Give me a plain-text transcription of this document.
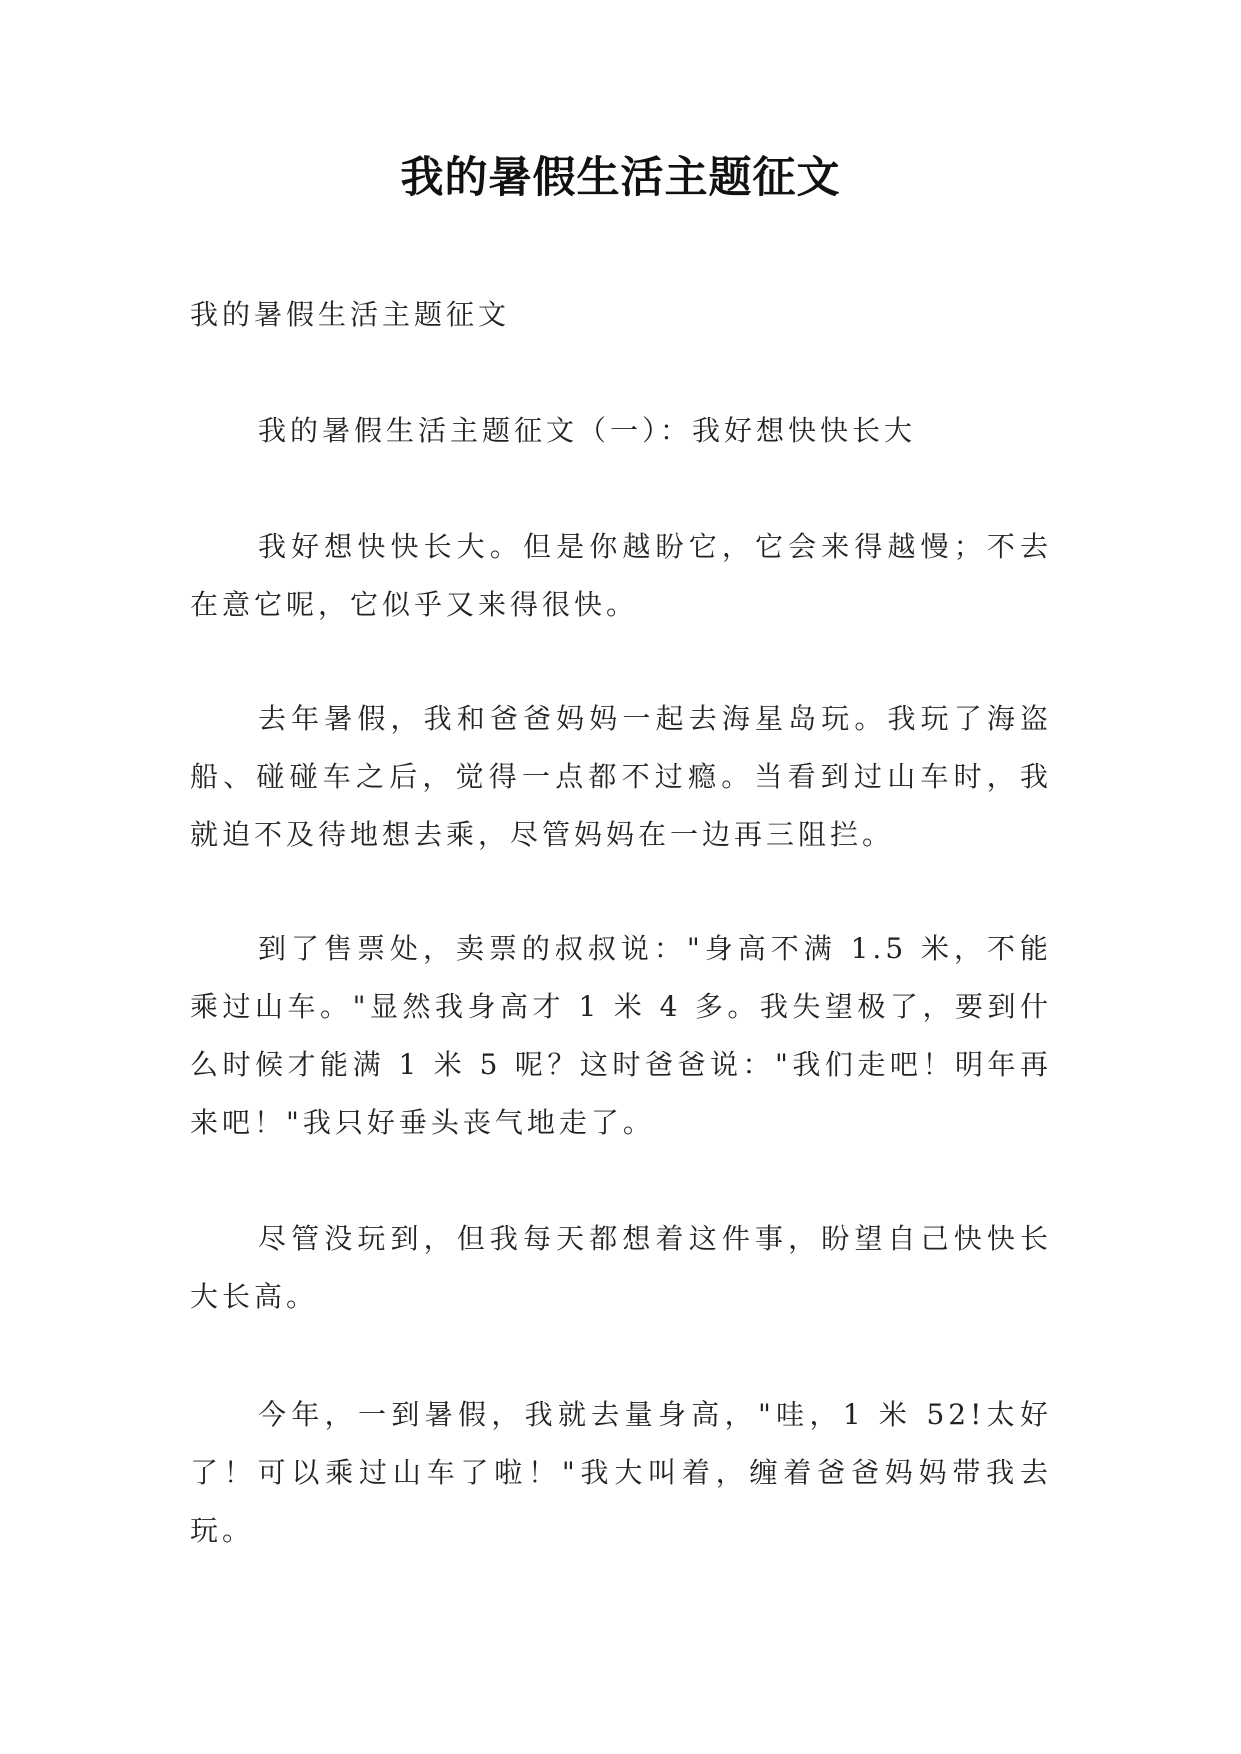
我的暑假生活主题征文
我的暑假生活主题征文
我的暑假生活主题征文（一）：我好想快快长大
我好想快快长大。但是你越盼它，它会来得越慢；不去在意它呢，它似乎又来得很快。
去年暑假，我和爸爸妈妈一起去海星岛玩。我玩了海盗船、碰碰车之后，觉得一点都不过瘾。当看到过山车时，我就迫不及待地想去乘，尽管妈妈在一边再三阻拦。
到了售票处，卖票的叔叔说："身高不满 1.5 米，不能乘过山车。"显然我身高才 1 米 4 多。我失望极了，要到什么时候才能满 1 米 5 呢？这时爸爸说："我们走吧！明年再来吧！"我只好垂头丧气地走了。
尽管没玩到，但我每天都想着这件事，盼望自己快快长大长高。
今年，一到暑假，我就去量身高，"哇，1 米 52!太好了！可以乘过山车了啦！"我大叫着，缠着爸爸妈妈带我去玩。
